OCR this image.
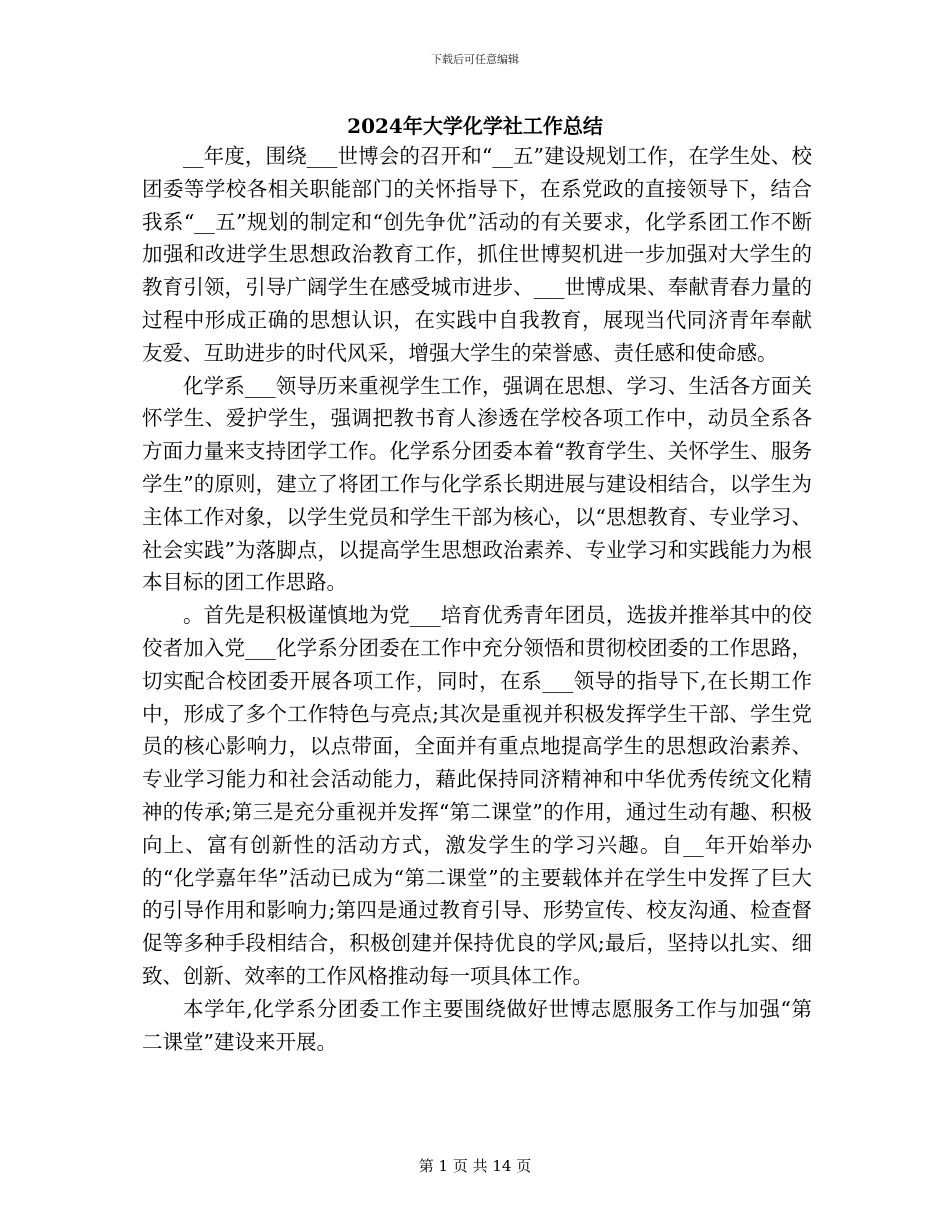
下载后可任意编辑
2024年大学化学社工作总结

__年度，围绕___世博会的召开和“__五”建设规划工作，在学生处、校团委等学校各相关职能部门的关怀指导下，在系党政的直接领导下，结合我系“__五”规划的制定和“创先争优”活动的有关要求，化学系团工作不断加强和改进学生思想政治教育工作，抓住世博契机进一步加强对大学生的教育引领，引导广阔学生在感受城市进步、___世博成果、奉献青春力量的过程中形成正确的思想认识，在实践中自我教育，展现当代同济青年奉献友爱、互助进步的时代风采，增强大学生的荣誉感、责任感和使命感。

化学系___领导历来重视学生工作，强调在思想、学习、生活各方面关怀学生、爱护学生，强调把教书育人渗透在学校各项工作中，动员全系各方面力量来支持团学工作。化学系分团委本着“教育学生、关怀学生、服务学生”的原则，建立了将团工作与化学系长期进展与建设相结合，以学生为主体工作对象，以学生党员和学生干部为核心，以“思想教育、专业学习、社会实践”为落脚点，以提高学生思想政治素养、专业学习和实践能力为根本目标的团工作思路。

。首先是积极谨慎地为党___培育优秀青年团员，选拔并推举其中的佼佼者加入党___化学系分团委在工作中充分领悟和贯彻校团委的工作思路，切实配合校团委开展各项工作，同时，在系___领导的指导下,在长期工作中，形成了多个工作特色与亮点;其次是重视并积极发挥学生干部、学生党员的核心影响力，以点带面，全面并有重点地提高学生的思想政治素养、专业学习能力和社会活动能力，藉此保持同济精神和中华优秀传统文化精神的传承;第三是充分重视并发挥“第二课堂”的作用，通过生动有趣、积极向上、富有创新性的活动方式，激发学生的学习兴趣。自__年开始举办的“化学嘉年华”活动已成为“第二课堂”的主要载体并在学生中发挥了巨大的引导作用和影响力;第四是通过教育引导、形势宣传、校友沟通、检查督促等多种手段相结合，积极创建并保持优良的学风;最后，坚持以扎实、细致、创新、效率的工作风格推动每一项具体工作。

本学年,化学系分团委工作主要围绕做好世博志愿服务工作与加强“第二课堂”建设来开展。

第 1 页 共 14 页
